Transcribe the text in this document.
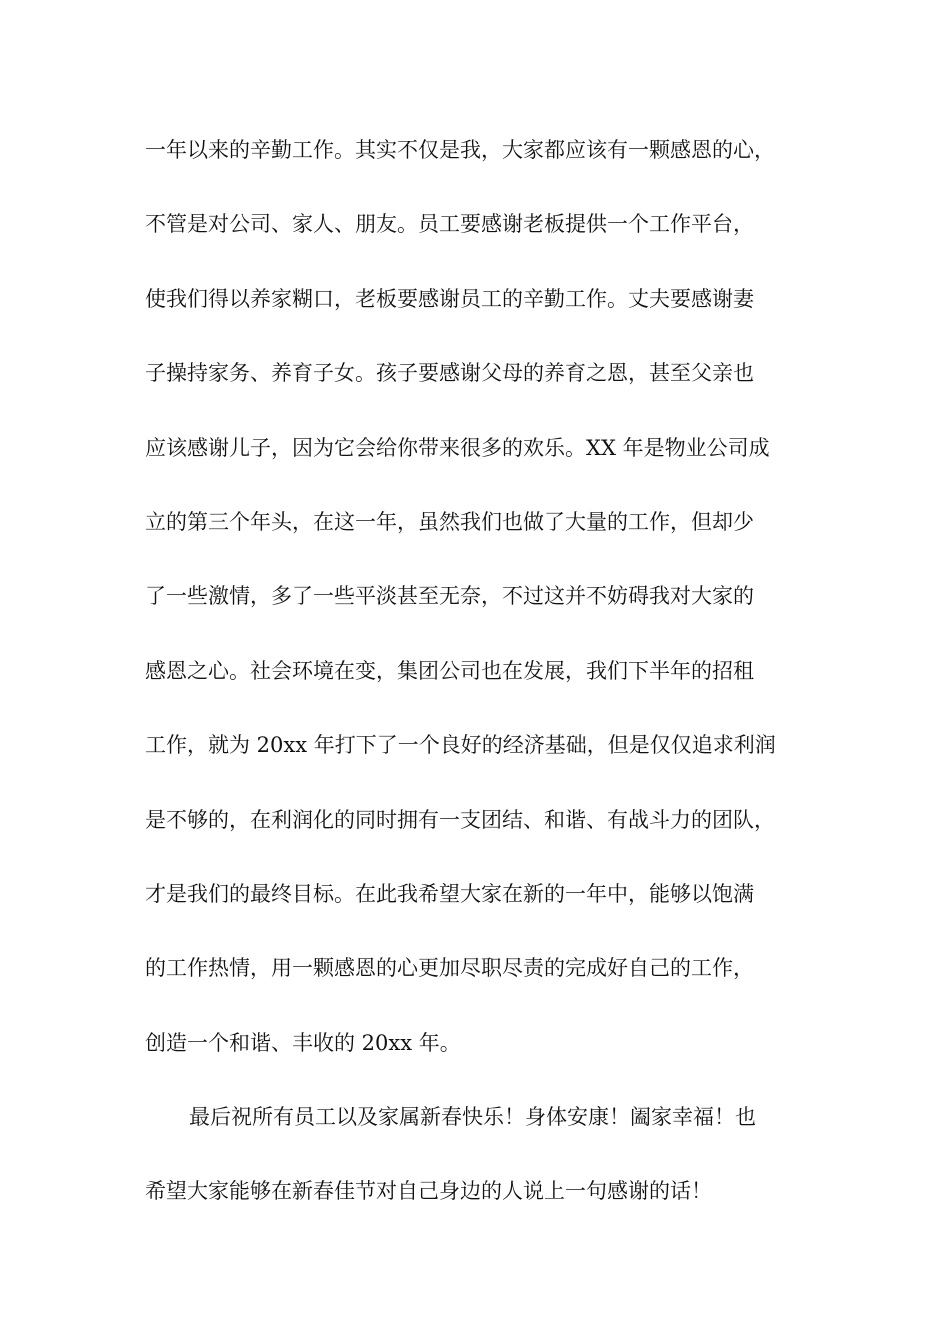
一年以来的辛勤工作。其实不仅是我，大家都应该有一颗感恩的心，
不管是对公司、家人、朋友。员工要感谢老板提供一个工作平台，
使我们得以养家糊口，老板要感谢员工的辛勤工作。丈夫要感谢妻
子操持家务、养育子女。孩子要感谢父母的养育之恩，甚至父亲也
应该感谢儿子，因为它会给你带来很多的欢乐。XX 年是物业公司成
立的第三个年头，在这一年，虽然我们也做了大量的工作，但却少
了一些激情，多了一些平淡甚至无奈，不过这并不妨碍我对大家的
感恩之心。社会环境在变，集团公司也在发展，我们下半年的招租
工作，就为 20xx 年打下了一个良好的经济基础，但是仅仅追求利润
是不够的，在利润化的同时拥有一支团结、和谐、有战斗力的团队，
才是我们的最终目标。在此我希望大家在新的一年中，能够以饱满
的工作热情，用一颗感恩的心更加尽职尽责的完成好自己的工作，
创造一个和谐、丰收的 20xx 年。
最后祝所有员工以及家属新春快乐！身体安康！阖家幸福！也
希望大家能够在新春佳节对自己身边的人说上一句感谢的话！
